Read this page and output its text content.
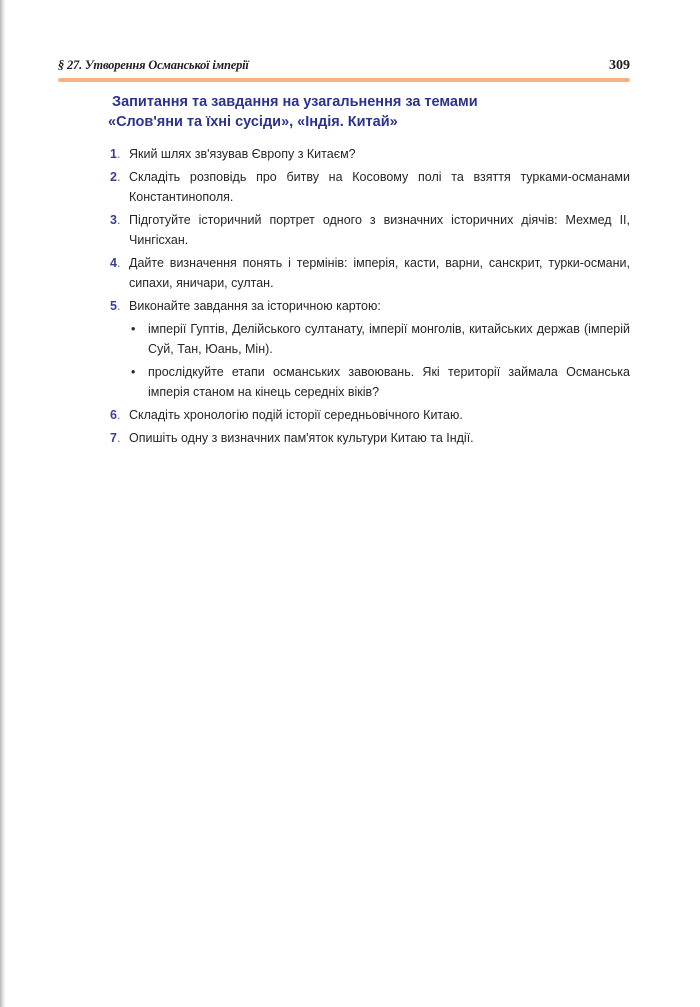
§ 27. Утворення Османської імперії	309
Запитання та завдання на узагальнення за темами
«Слов'яни та їхні сусіди», «Індія. Китай»
1. Який шлях зв'язував Європу з Китаєм?
2. Складіть розповідь про битву на Косовому полі та взяття турками-османами Константинополя.
3. Підготуйте історичний портрет одного з визначних історичних діячів: Мехмед II, Чингісхан.
4. Дайте визначення понять і термінів: імперія, касти, варни, санскрит, турки-османи, сипахи, яничари, султан.
5. Виконайте завдання за історичною картою:
• імперії Гуптів, Делійського султанату, імперії монголів, китайських держав (імперій Суй, Тан, Юань, Мін).
• прослідкуйте етапи османських завоювань. Які території займала Османська імперія станом на кінець середніх віків?
6. Складіть хронологію подій історії середньовічного Китаю.
7. Опишіть одну з визначних пам'яток культури Китаю та Індії.
